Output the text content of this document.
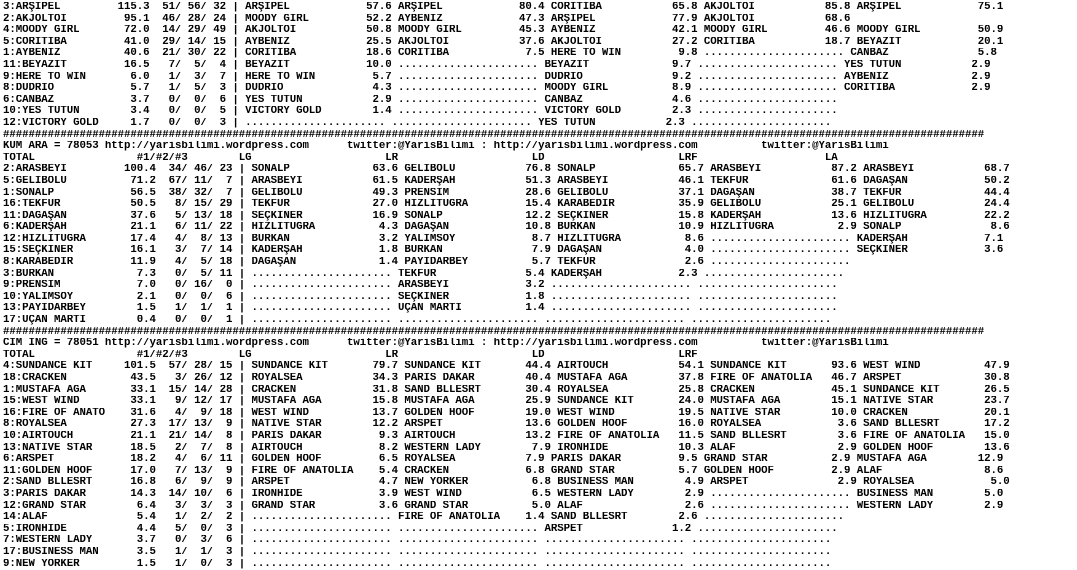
3:ARŞİPEL         115.3  51/ 56/ 32 | ARŞİPEL            57.6 ARŞİPEL            80.4 CORITIBA           65.8 AKJOLTOI           85.8 ARŞİPEL            75.1
2:AKJOLTOI         95.1  46/ 28/ 24 | MOODY GIRL         52.2 AYBENİZ            47.3 ARŞİPEL            77.9 AKJOLTOI           68.6
4:MOODY GIRL       72.0  14/ 29/ 49 | AKJOLTOI           50.8 MOODY GIRL         45.3 AYBENİZ            42.1 MOODY GIRL         46.6 MOODY GIRL         50.9
5:CORITIBA         41.0  29/ 14/ 15 | AYBENİZ            25.5 AKJOLTOI           37.6 AKJOLTOI           27.2 CORITIBA           18.7 BEYAZIT            20.1
1:AYBENİZ          40.6  21/ 30/ 22 | CORITIBA           18.6 CORITIBA            7.5 HERE TO WIN         9.8 ...................... CANBAZ              5.8
11:BEYAZIT         16.5   7/  5/  4 | BEYAZIT            10.0 ...................... BEYAZIT             9.7 ...................... YES TÜTÜN           2.9
9:HERE TO WIN       6.0   1/  3/  7 | HERE TO WIN         5.7 ...................... DUDRIO              9.2 ...................... AYBENİZ             2.9
8:DUDRIO            5.7   1/  5/  3 | DUDRIO              4.3 ...................... MOODY GIRL          8.9 ...................... CORITIBA            2.9
6:CANBAZ            3.7   0/  0/  6 | YES TÜTÜN           2.9 ...................... CANBAZ              4.6 ......................
10:YES TÜTÜN        3.4   0/  0/  5 | VICTORY GOLD        1.4 ...................... VICTORY GOLD        2.3 ......................
12:VICTORY GOLD     1.7   0/  0/  3 | ...................... ...................... YES TÜTÜN           2.3 ......................
##########################################################################################################################################################
KUM ARA = 78053 http://yarisbilimi.wordpress.com      twitter:@YarisBilimi : http://yarisbilimi.wordpress.com          twitter:@YarisBilimi
TOTAL                #1/#2/#3        LG                     LR                     LD                     LRF                    LA
2:ARASBEYİ         100.4  34/ 46/ 23 | SONALP             63.6 GELİBOLU           76.8 SONALP             65.7 ARASBEYİ           87.2 ARASBEYİ           68.7
5:GELİBOLU          71.2  67/ 11/  7 | ARASBEYİ           61.5 KADERŞAH           51.3 ARASBEYİ           46.1 TEKFUR             61.6 DAĞAŞAN            50.2
1:SONALP            56.5  38/ 32/  7 | GELİBOLU           49.3 PRENSİM            28.6 GELİBOLU           37.1 DAĞAŞAN            38.7 TEKFUR             44.4
16:TEKFUR           50.5   8/ 15/ 29 | TEKFUR             27.0 HIZLITUĞRA         15.4 KARABEDİR          35.9 GELİBOLU           25.1 GELİBOLU           24.4
11:DAĞAŞAN          37.6   5/ 13/ 18 | SEÇKİNER           16.9 SONALP             12.2 SEÇKİNER           15.8 KADERŞAH           13.6 HIZLITUĞRA         22.2
6:KADERŞAH          21.1   6/ 11/ 22 | HIZLITUĞRA          4.3 DAĞAŞAN            10.8 BÜRKAN             10.9 HIZLITUĞRA          2.9 SONALP              8.6
12:HIZLITUĞRA       17.4   4/  8/ 13 | BÜRKAN              3.2 YALIMSOY            8.7 HIZLITUĞRA          8.6 ...................... KADERŞAH            7.1
15:SEÇKİNER         16.1   3/  7/ 14 | KADERŞAH            1.8 BÜRKAN              7.9 DAĞAŞAN             4.0 ...................... SEÇKİNER            3.6
8:KARABEDİR         11.9   4/  5/ 18 | DAĞAŞAN             1.4 PAYİDARBEY          5.7 TEKFUR              2.6 ......................
3:BÜRKAN             7.3   0/  5/ 11 | ...................... TEKFUR              5.4 KADERŞAH            2.3 ......................
9:PRENSİM            7.0   0/ 16/  0 | ...................... ARASBEYİ            3.2 ...................... ......................
10:YALIMSOY          2.1   0/  0/  6 | ...................... SEÇKİNER            1.8 ...................... ......................
13:PAYİDARBEY        1.5   1/  1/  1 | ...................... UÇAN MARTI          1.4 ...................... ......................
17:UÇAN MARTI        0.4   0/  0/  1 | ...................... ...................... ...................... ......................
##########################################################################################################################################################
CIM ING = 78051 http://yarisbilimi.wordpress.com      twitter:@YarisBilimi : http://yarisbilimi.wordpress.com          twitter:@YarisBilimi
TOTAL                #1/#2/#3        LG                     LR                     LD                     LRF
4:SUNDANCE KIT     101.5  57/ 28/ 15 | SUNDANCE KIT       79.7 SUNDANCE KIT       44.4 AIRTOUCH           54.1 SUNDANCE KIT       93.6 WEST WIND          47.9
18:CRACKEN          43.5   3/ 26/ 12 | ROYALSEA           34.3 PARIS DAKAR        40.4 MUSTAFA AGA        37.8 FIRE OF ANATOLIA   46.7 ARSPET             30.8
1:MUSTAFA AGA       33.1  15/ 14/ 28 | CRACKEN            31.8 SAND BLLESRT       30.4 ROYALSEA           25.8 CRACKEN            45.1 SUNDANCE KIT       26.5
15:WEST WIND        33.1   9/ 12/ 17 | MUSTAFA AGA        15.8 MUSTAFA AGA        25.9 SUNDANCE KIT       24.0 MUSTAFA AGA        15.1 NATIVE STAR        23.7
16:FIRE OF ANATO    31.6   4/  9/ 18 | WEST WIND          13.7 GOLDEN HOOF        19.0 WEST WIND          19.5 NATIVE STAR        10.0 CRACKEN            20.1
8:ROYALSEA          27.3  17/ 13/  9 | NATIVE STAR        12.2 ARSPET             13.6 GOLDEN HOOF        16.0 ROYALSEA            3.6 SAND BLLESRT       17.2
10:AIRTOUCH         21.1  21/ 14/  8 | PARIS DAKAR         9.3 AIRTOUCH           13.2 FIRE OF ANATOLIA   11.5 SAND BLLESRT        3.6 FIRE OF ANATOLIA   15.0
13:NATIVE STAR      18.5   2/  7/  8 | AIRTOUCH            8.2 WESTERN LADY        7.9 IRONHIDE           10.3 ALAF                2.9 GOLDEN HOOF        13.6
6:ARSPET            18.2   4/  6/ 11 | GOLDEN HOOF         6.5 ROYALSEA           7.9 PARIS DAKAR         9.5 GRAND STAR          2.9 MUSTAFA AGA        12.9
11:GOLDEN HOOF      17.0   7/ 13/  9 | FIRE OF ANATOLIA    5.4 CRACKEN            6.8 GRAND STAR          5.7 GOLDEN HOOF         2.9 ALAF                8.6
2:SAND BLLESRT      16.8   6/  9/  9 | ARSPET              4.7 NEW YORKER          6.8 BUSINESS MAN        4.9 ARSPET              2.9 ROYALSEA            5.0
3:PARIS DAKAR       14.3  14/ 10/  6 | IRONHIDE            3.9 WEST WIND           6.5 WESTERN LADY        2.9 ...................... BUSINESS MAN        5.0
12:GRAND STAR        6.4   3/  3/  3 | GRAND STAR          3.6 GRAND STAR          5.0 ALAF                2.6 ...................... WESTERN LADY        2.9
14:ALAF              5.4   1/  2/  2 | ...................... FIRE OF ANATOLIA    1.4 SAND BLLESRT        2.6 ......................
5:IRONHIDE           4.4   5/  0/  3 | ...................... ...................... ARSPET              1.2 ......................
7:WESTERN LADY       3.7   0/  3/  6 | ...................... ...................... ...................... ......................
17:BUSINESS MAN      3.5   1/  1/  3 | ...................... ...................... ...................... ......................
9:NEW YORKER         1.5   1/  0/  3 | ...................... ...................... ...................... ......................
